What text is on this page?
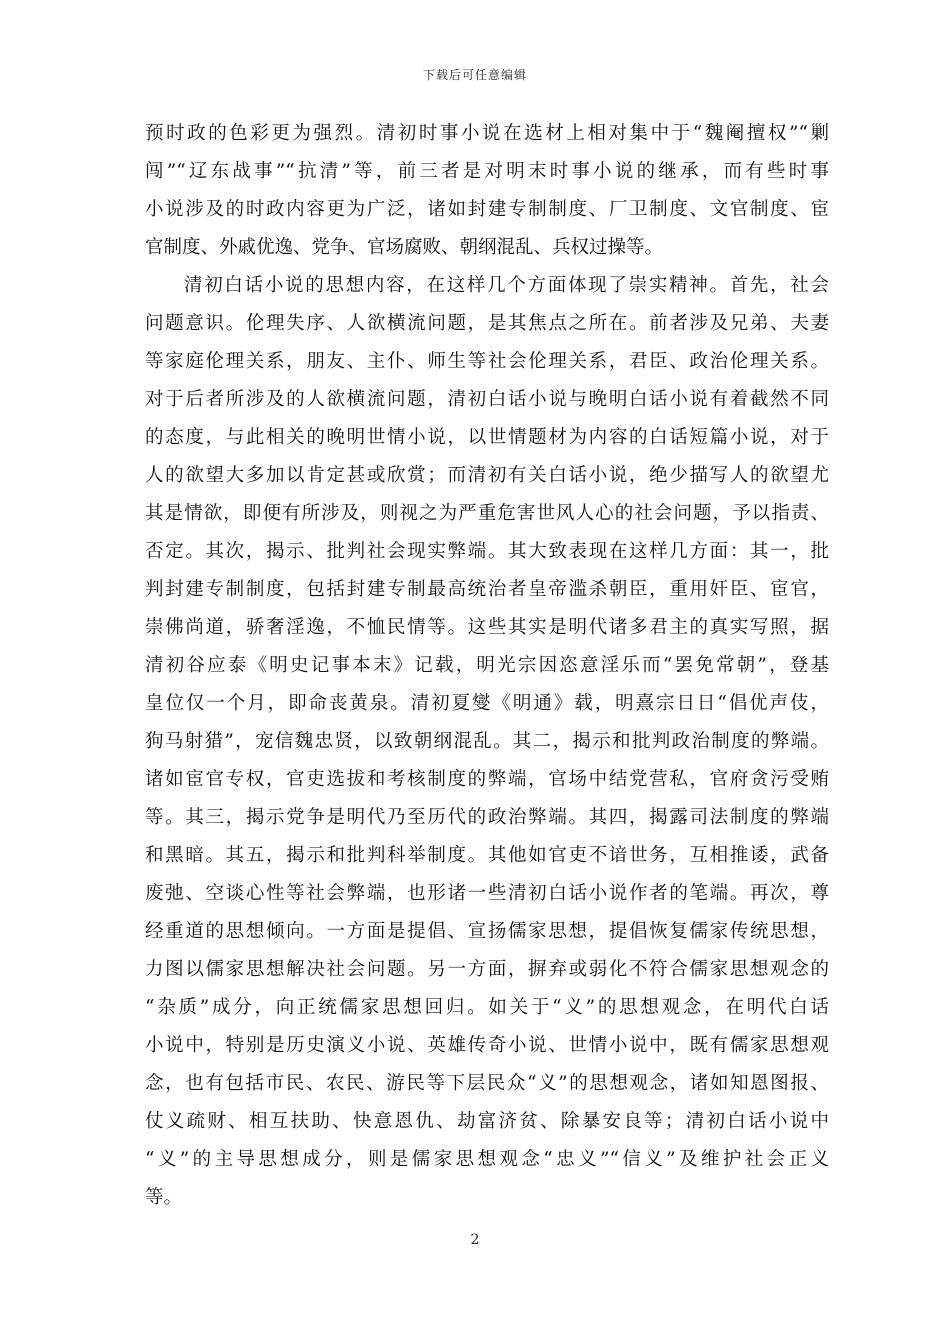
下载后可任意编辑
预时政的色彩更为强烈。清初时事小说在选材上相对集中于“魏阉擅权”“剿
闯”“辽东战事”“抗清”等，前三者是对明末时事小说的继承，而有些时事
小说涉及的时政内容更为广泛，诸如封建专制制度、厂卫制度、文官制度、宦
官制度、外戚优逸、党争、官场腐败、朝纲混乱、兵权过操等。
清初白话小说的思想内容，在这样几个方面体现了崇实精神。首先，社会
问题意识。伦理失序、人欲横流问题，是其焦点之所在。前者涉及兄弟、夫妻
等家庭伦理关系，朋友、主仆、师生等社会伦理关系，君臣、政治伦理关系。
对于后者所涉及的人欲横流问题，清初白话小说与晚明白话小说有着截然不同
的态度，与此相关的晚明世情小说，以世情题材为内容的白话短篇小说，对于
人的欲望大多加以肯定甚或欣赏；而清初有关白话小说，绝少描写人的欲望尤
其是情欲，即便有所涉及，则视之为严重危害世风人心的社会问题，予以指责、
否定。其次，揭示、批判社会现实弊端。其大致表现在这样几方面：其一，批
判封建专制制度，包括封建专制最高统治者皇帝滥杀朝臣，重用奸臣、宦官，
崇佛尚道，骄奢淫逸，不恤民情等。这些其实是明代诸多君主的真实写照，据
清初谷应泰《明史记事本末》记载，明光宗因恣意淫乐而“罢免常朝”，登基
皇位仅一个月，即命丧黄泉。清初夏燮《明通》载，明熹宗日日“倡优声伎，
狗马射猎”，宠信魏忠贤，以致朝纲混乱。其二，揭示和批判政治制度的弊端。
诸如宦官专权，官吏选拔和考核制度的弊端，官场中结党营私，官府贪污受贿
等。其三，揭示党争是明代乃至历代的政治弊端。其四，揭露司法制度的弊端
和黑暗。其五，揭示和批判科举制度。其他如官吏不谙世务，互相推诿，武备
废弛、空谈心性等社会弊端，也形诸一些清初白话小说作者的笔端。再次，尊
经重道的思想倾向。一方面是提倡、宣扬儒家思想，提倡恢复儒家传统思想，
力图以儒家思想解决社会问题。另一方面，摒弃或弱化不符合儒家思想观念的
“杂质”成分，向正统儒家思想回归。如关于“义”的思想观念，在明代白话
小说中，特别是历史演义小说、英雄传奇小说、世情小说中，既有儒家思想观
念，也有包括市民、农民、游民等下层民众“义”的思想观念，诸如知恩图报、
仗义疏财、相互扶助、快意恩仇、劫富济贫、除暴安良等；清初白话小说中
“义”的主导思想成分，则是儒家思想观念“忠义”“信义”及维护社会正义
等。
2
